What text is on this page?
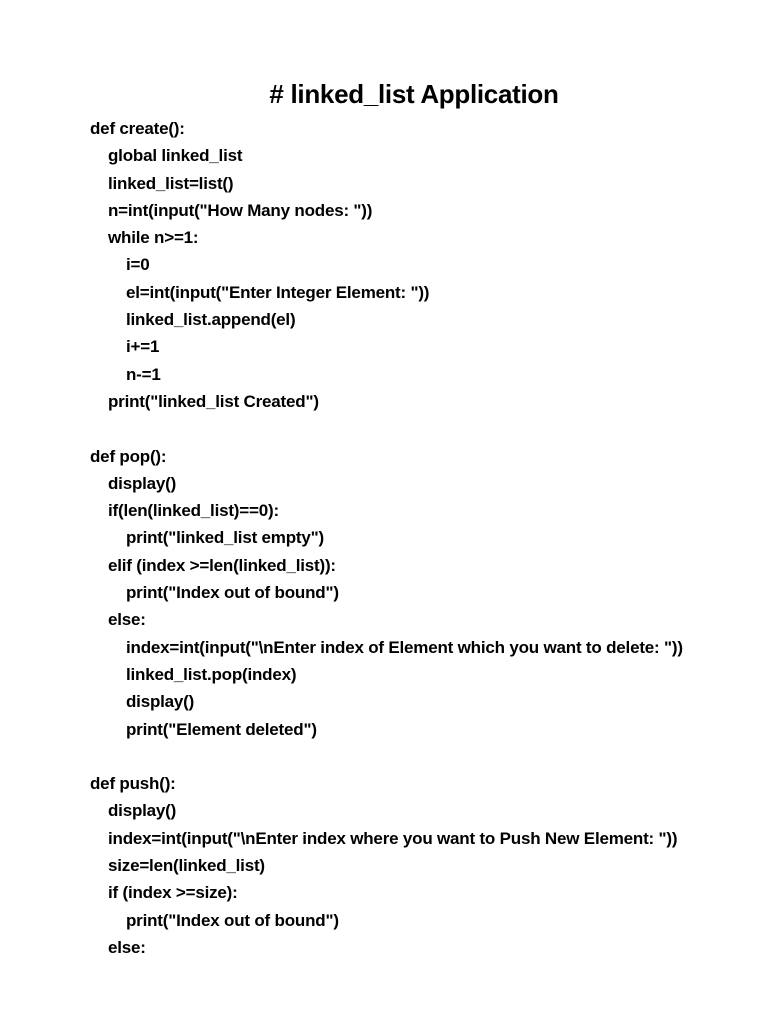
# linked_list Application
def create():
global linked_list
linked_list=list()
n=int(input("How Many nodes: "))
while n>=1:
i=0
el=int(input("Enter Integer Element: "))
linked_list.append(el)
i+=1
n-=1
print("linked_list Created")
def pop():
display()
if(len(linked_list)==0):
print("linked_list empty")
elif (index >=len(linked_list)):
print("Index out of bound")
else:
index=int(input("\nEnter index of Element which you want to delete: "))
linked_list.pop(index)
display()
print("Element deleted")
def push():
display()
index=int(input("\nEnter index where you want to Push New Element: "))
size=len(linked_list)
if (index >=size):
print("Index out of bound")
else:
